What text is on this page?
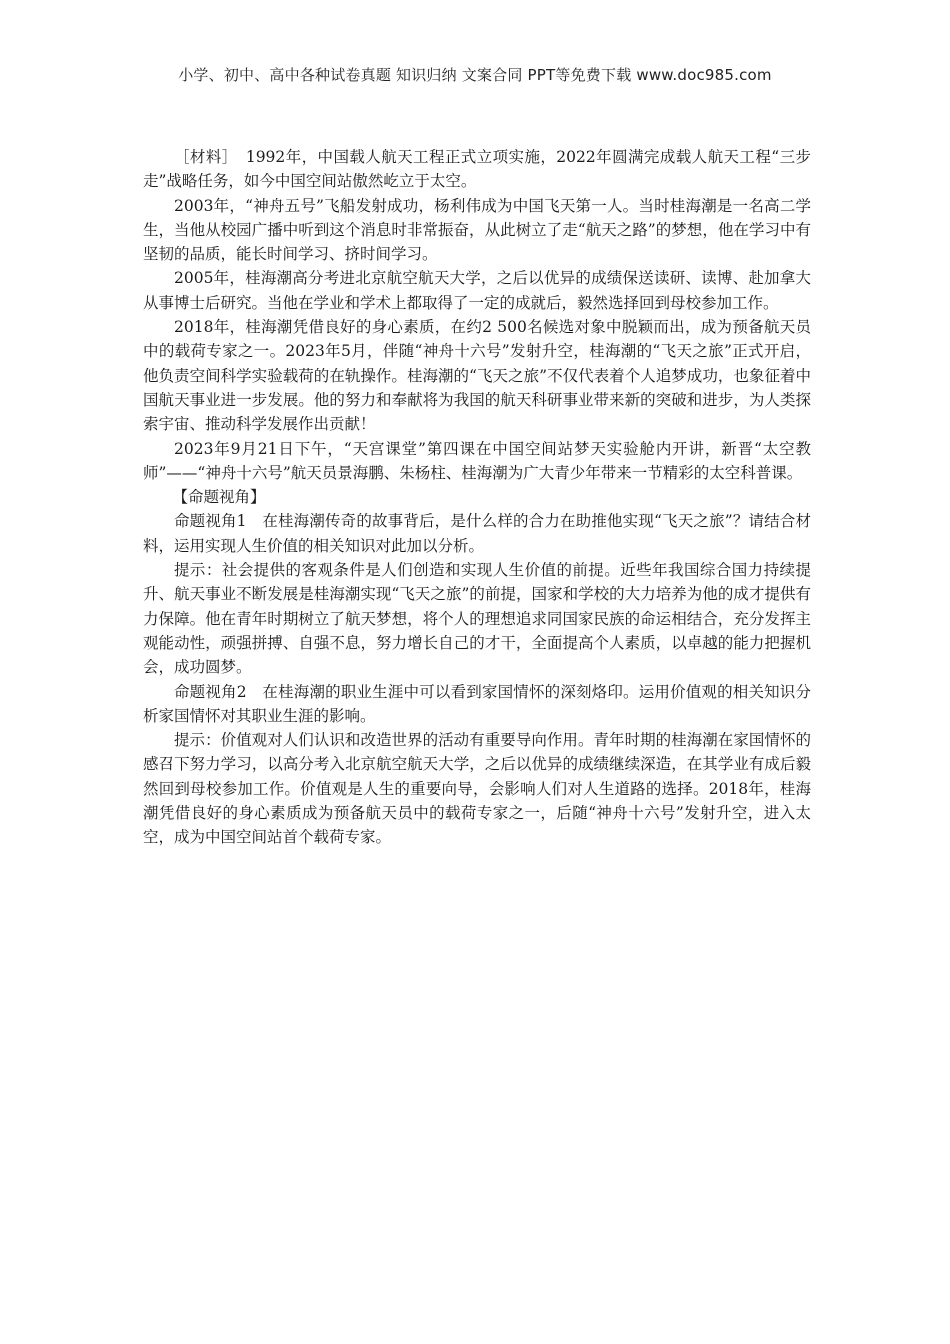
小学、初中、高中各种试卷真题 知识归纳 文案合同 PPT等免费下载 www.doc985.com

［材料］　1992年，中国载人航天工程正式立项实施，2022年圆满完成载人航天工程“三步走”战略任务，如今中国空间站傲然屹立于太空。

2003年，“神舟五号”飞船发射成功，杨利伟成为中国飞天第一人。当时桂海潮是一名高二学生，当他从校园广播中听到这个消息时非常振奋，从此树立了走“航天之路”的梦想，他在学习中有坚韧的品质，能长时间学习、挤时间学习。

2005年，桂海潮高分考进北京航空航天大学，之后以优异的成绩保送读研、读博、赴加拿大从事博士后研究。当他在学业和学术上都取得了一定的成就后，毅然选择回到母校参加工作。

2018年，桂海潮凭借良好的身心素质，在约2 500名候选对象中脱颖而出，成为预备航天员中的载荷专家之一。2023年5月，伴随“神舟十六号”发射升空，桂海潮的“飞天之旅”正式开启，他负责空间科学实验载荷的在轨操作。桂海潮的“飞天之旅”不仅代表着个人追梦成功，也象征着中国航天事业进一步发展。他的努力和奉献将为我国的航天科研事业带来新的突破和进步，为人类探索宇宙、推动科学发展作出贡献！

2023年9月21日下午，“天宫课堂”第四课在中国空间站梦天实验舱内开讲，新晋“太空教师”——“神舟十六号”航天员景海鹏、朱杨柱、桂海潮为广大青少年带来一节精彩的太空科普课。

【命题视角】

命题视角1　在桂海潮传奇的故事背后，是什么样的合力在助推他实现“飞天之旅”？请结合材料，运用实现人生价值的相关知识对此加以分析。

提示：社会提供的客观条件是人们创造和实现人生价值的前提。近些年我国综合国力持续提升、航天事业不断发展是桂海潮实现“飞天之旅”的前提，国家和学校的大力培养为他的成才提供有力保障。他在青年时期树立了航天梦想，将个人的理想追求同国家民族的命运相结合，充分发挥主观能动性，顽强拼搏、自强不息，努力增长自己的才干，全面提高个人素质，以卓越的能力把握机会，成功圆梦。

命题视角2　在桂海潮的职业生涯中可以看到家国情怀的深刻烙印。运用价值观的相关知识分析家国情怀对其职业生涯的影响。

提示：价值观对人们认识和改造世界的活动有重要导向作用。青年时期的桂海潮在家国情怀的感召下努力学习，以高分考入北京航空航天大学，之后以优异的成绩继续深造，在其学业有成后毅然回到母校参加工作。价值观是人生的重要向导，会影响人们对人生道路的选择。2018年，桂海潮凭借良好的身心素质成为预备航天员中的载荷专家之一，后随“神舟十六号”发射升空，进入太空，成为中国空间站首个载荷专家。
